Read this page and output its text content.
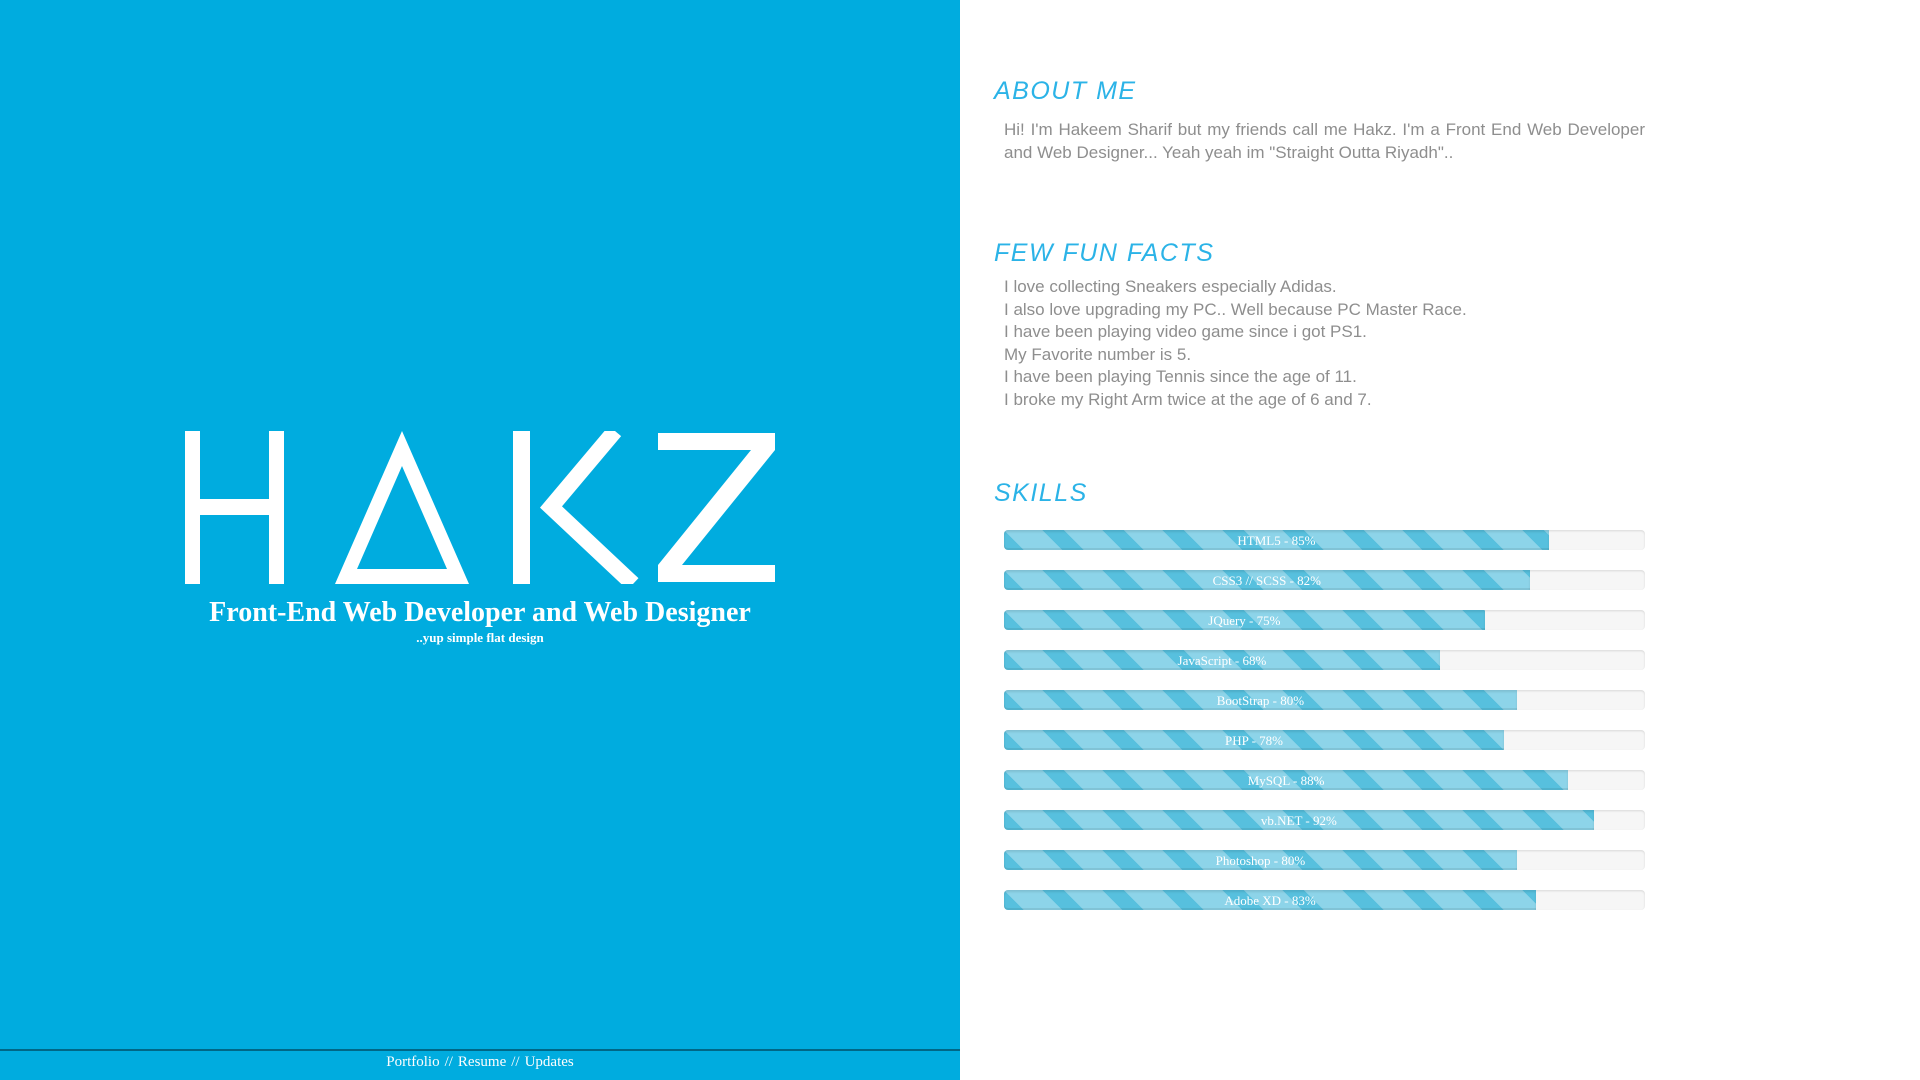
Front-End Web Developer and Web Designer
..yup simple flat design
Portfolio // Resume // Updates
ABOUT ME

Hi! I'm Hakeem Sharif but my friends call me Hakz. I'm a Front End Web Developer and Web Designer... Yeah yeah im "Straight Outta Riyadh"..

FEW FUN FACTS
I love collecting Sneakers especially Adidas.
I also love upgrading my PC.. Well because PC Master Race.
I have been playing video game since i got PS1.
My Favorite number is 5.
I have been playing Tennis since the age of 11.
I broke my Right Arm twice at the age of 6 and 7.
SKILLS
HTML5 - 85%
CSS3 // SCSS - 82%
JQuery - 75%
JavaScript - 68%
BootStrap - 80%
PHP - 78%
MySQL - 88%
vb.NET - 92%
Photoshop - 80%
Adobe XD - 83%
